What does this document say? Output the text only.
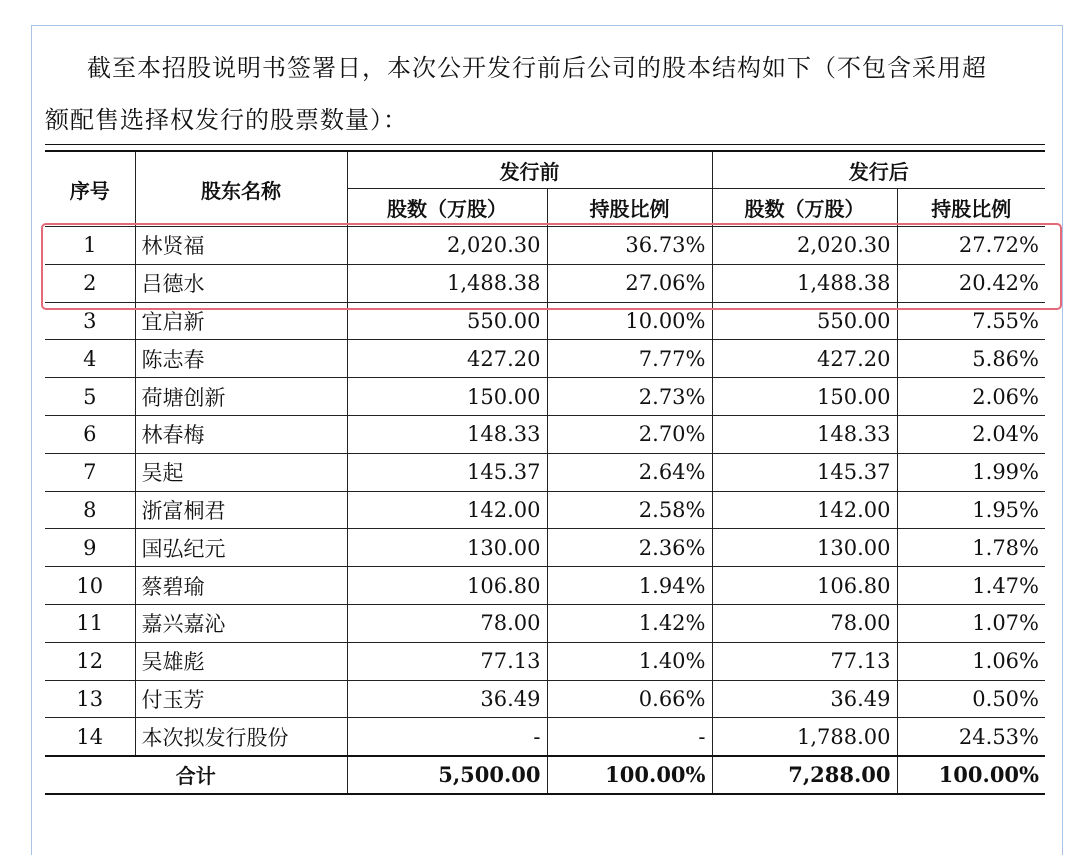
截至本招股说明书签署日，本次公开发行前后公司的股本结构如下（不包含采用超
额配售选择权发行的股票数量）：
序号	股东名称	发行前		发行后	
		股数（万股）	持股比例	股数（万股）	持股比例
1	林贤福	2,020.30	36.73%	2,020.30	27.72%
2	吕德水	1,488.38	27.06%	1,488.38	20.42%
3	宜启新	550.00	10.00%	550.00	7.55%
4	陈志春	427.20	7.77%	427.20	5.86%
5	荷塘创新	150.00	2.73%	150.00	2.06%
6	林春梅	148.33	2.70%	148.33	2.04%
7	吴起	145.37	2.64%	145.37	1.99%
8	浙富桐君	142.00	2.58%	142.00	1.95%
9	国弘纪元	130.00	2.36%	130.00	1.78%
10	蔡碧瑜	106.80	1.94%	106.80	1.47%
11	嘉兴嘉沁	78.00	1.42%	78.00	1.07%
12	吴雄彪	77.13	1.40%	77.13	1.06%
13	付玉芳	36.49	0.66%	36.49	0.50%
14	本次拟发行股份	-	-	1,788.00	24.53%
合计		5,500.00	100.00%	7,288.00	100.00%
